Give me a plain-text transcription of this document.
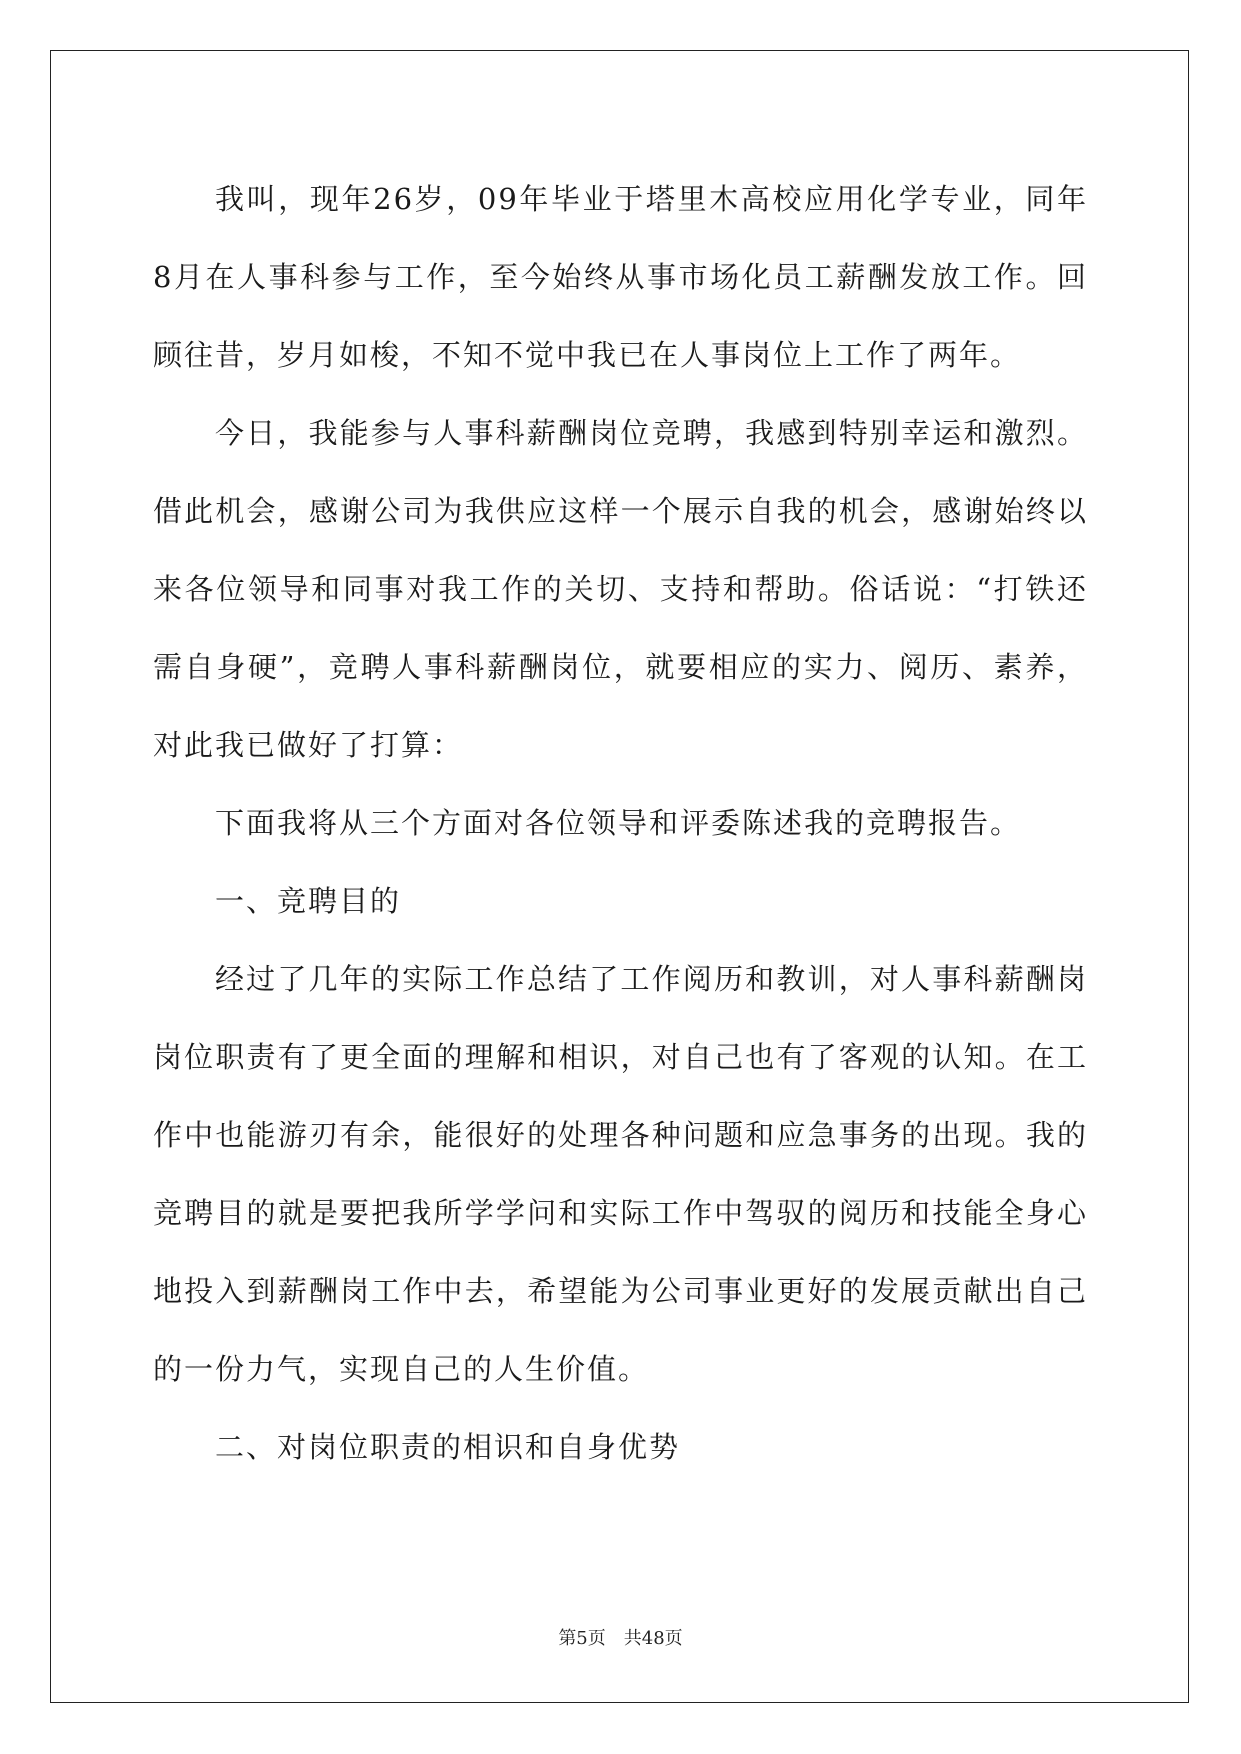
我叫，现年26岁，09年毕业于塔里木高校应用化学专业，同年8月在人事科参与工作，至今始终从事市场化员工薪酬发放工作。回顾往昔，岁月如梭，不知不觉中我已在人事岗位上工作了两年。

今日，我能参与人事科薪酬岗位竞聘，我感到特别幸运和激烈。借此机会，感谢公司为我供应这样一个展示自我的机会，感谢始终以来各位领导和同事对我工作的关切、支持和帮助。俗话说：“打铁还需自身硬”，竞聘人事科薪酬岗位，就要相应的实力、阅历、素养，对此我已做好了打算：

下面我将从三个方面对各位领导和评委陈述我的竞聘报告。

一、竞聘目的

经过了几年的实际工作总结了工作阅历和教训，对人事科薪酬岗岗位职责有了更全面的理解和相识，对自己也有了客观的认知。在工作中也能游刃有余，能很好的处理各种问题和应急事务的出现。我的竞聘目的就是要把我所学学问和实际工作中驾驭的阅历和技能全身心地投入到薪酬岗工作中去，希望能为公司事业更好的发展贡献出自己的一份力气，实现自己的人生价值。

二、对岗位职责的相识和自身优势

第5页 共48页
